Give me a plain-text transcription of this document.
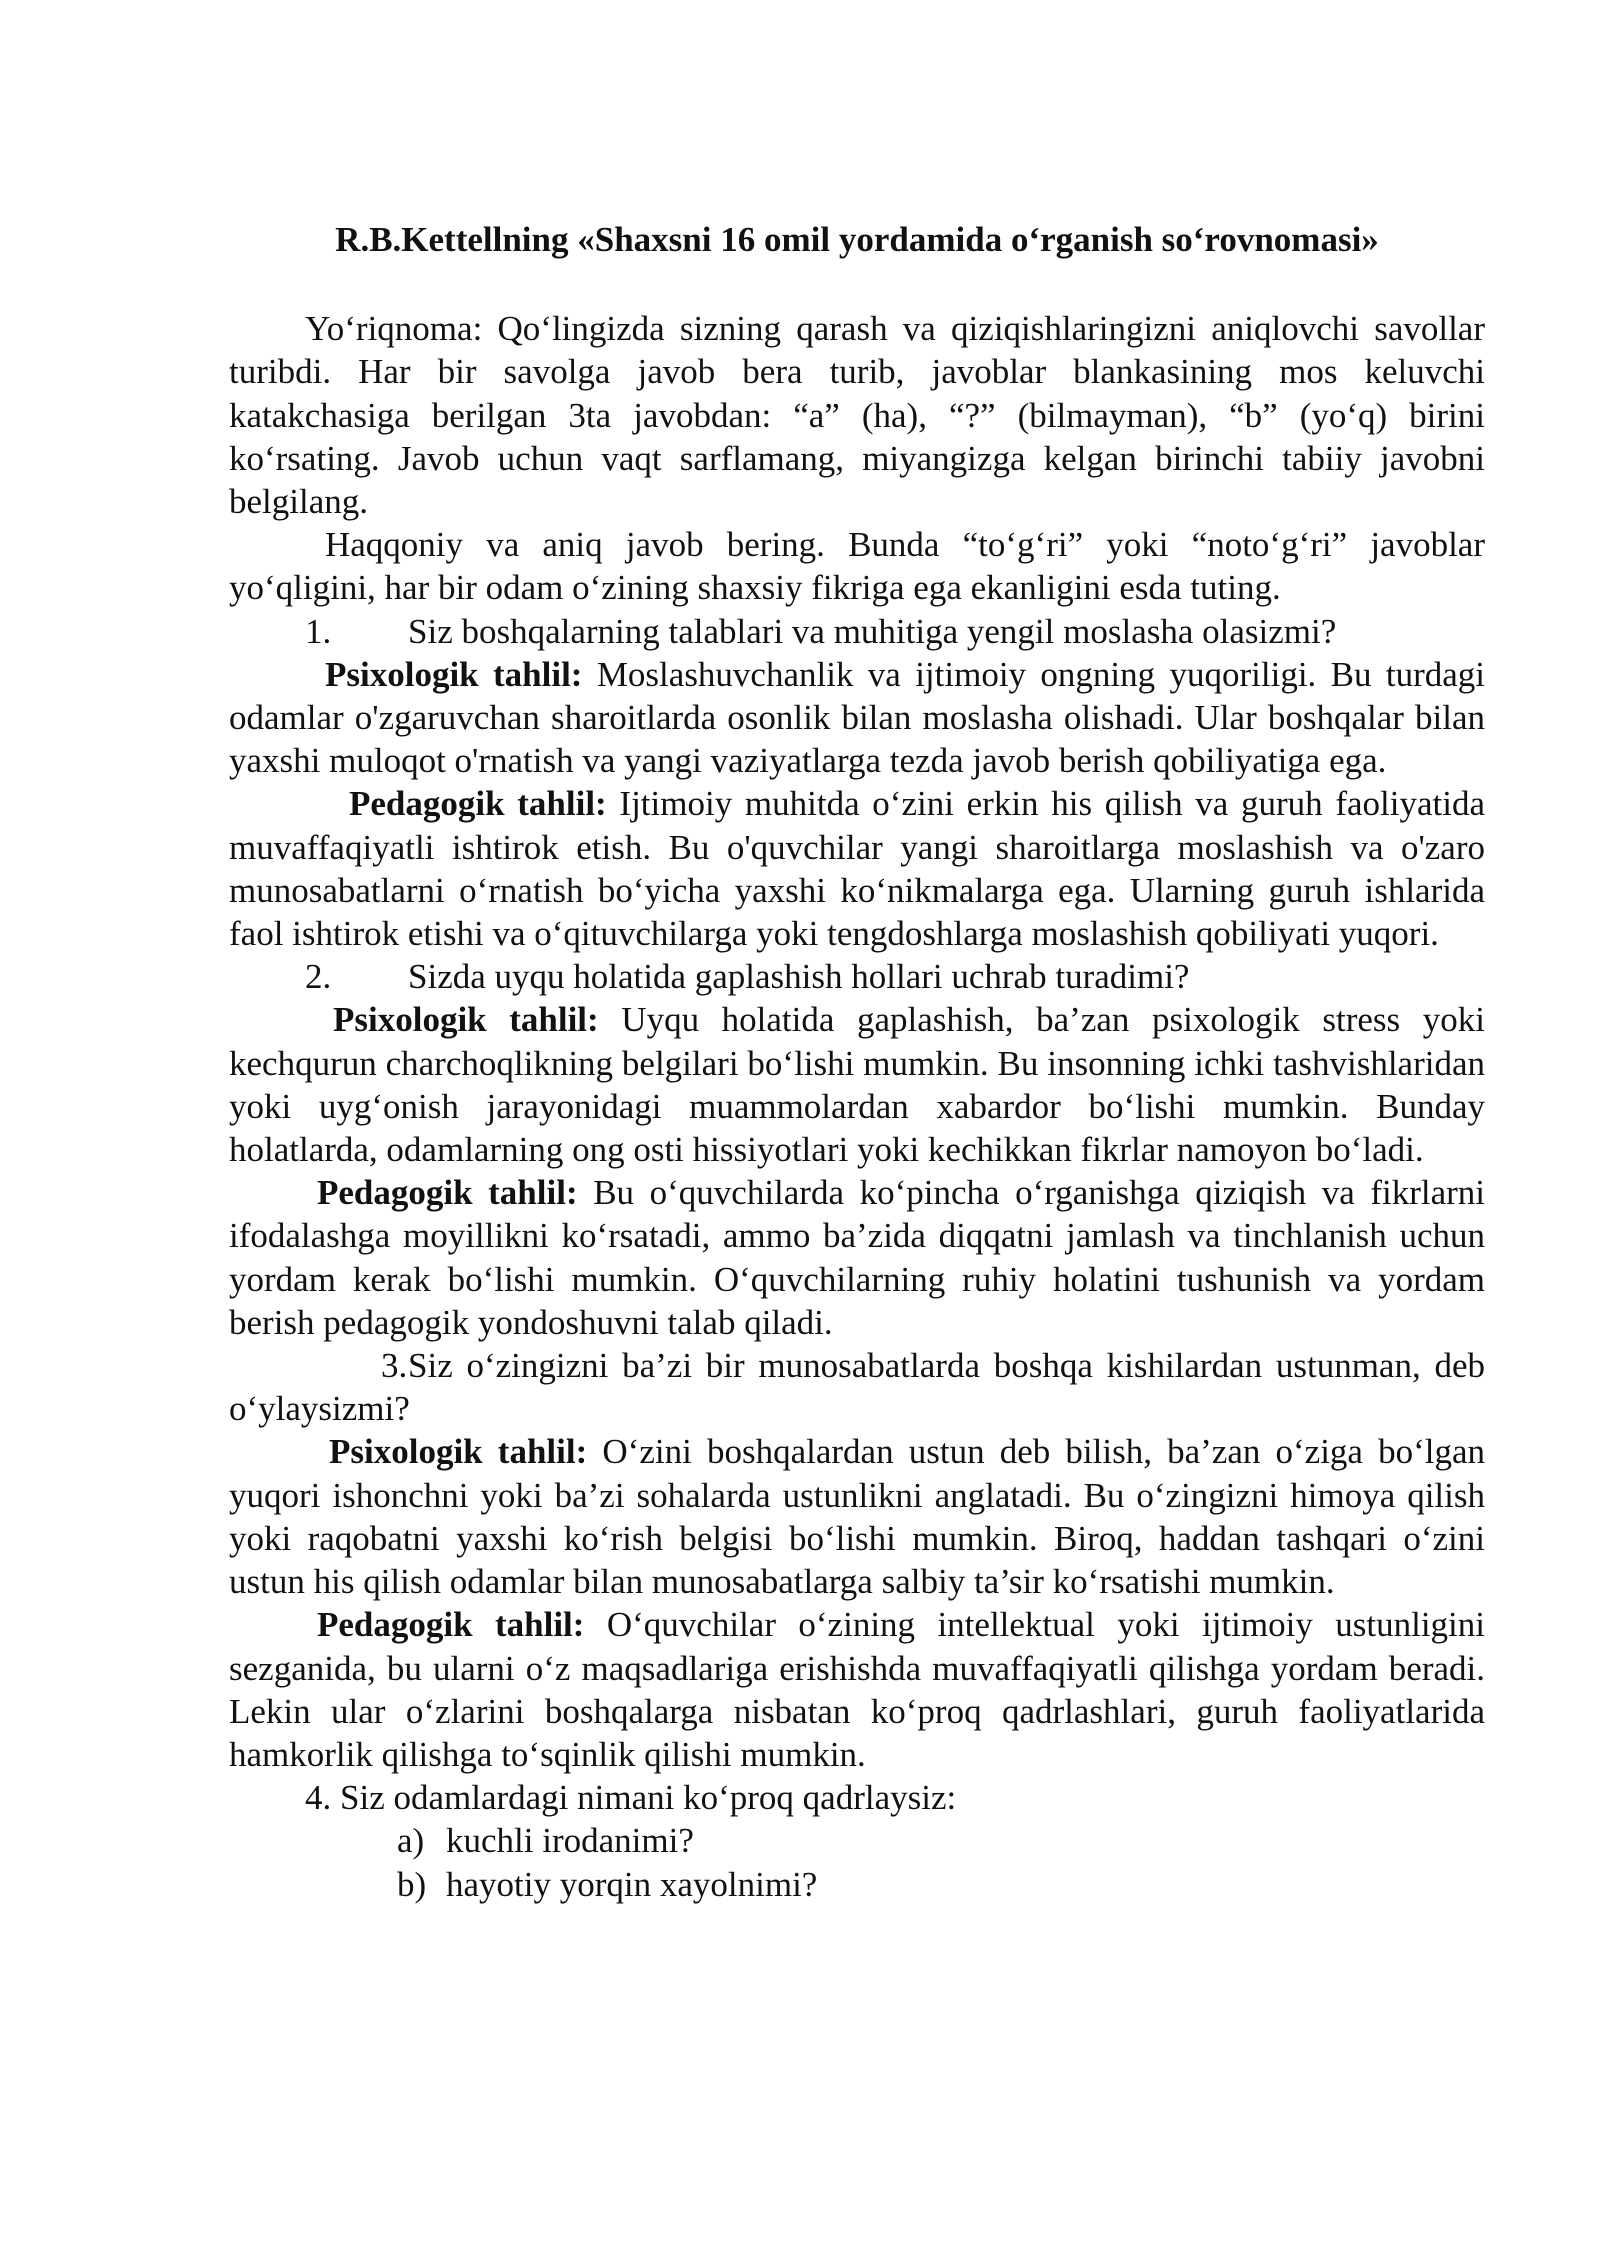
R.B.Kettellning «Shaxsni 16 omil yordamida o‘rganish so‘rovnomasi»

Yo‘riqnoma: Qo‘lingizda sizning qarash va qiziqishlaringizni aniqlovchi savollar turibdi. Har bir savolga javob bera turib, javoblar blankasining mos keluvchi katakchasiga berilgan 3ta javobdan: “a” (ha), “?” (bilmayman), “b” (yo‘q) birini ko‘rsating. Javob uchun vaqt sarflamang, miyangizga kelgan birinchi tabiiy javobni belgilang.

Haqqoniy va aniq javob bering. Bunda “to‘g‘ri” yoki “noto‘g‘ri” javoblar yo‘qligini, har bir odam o‘zining shaxsiy fikriga ega ekanligini esda tuting.

1. Siz boshqalarning talablari va muhitiga yengil moslasha olasizmi?

Psixologik tahlil: Moslashuvchanlik va ijtimoiy ongning yuqoriligi. Bu turdagi odamlar o'zgaruvchan sharoitlarda osonlik bilan moslasha olishadi. Ular boshqalar bilan yaxshi muloqot o'rnatish va yangi vaziyatlarga tezda javob berish qobiliyatiga ega.

Pedagogik tahlil: Ijtimoiy muhitda o‘zini erkin his qilish va guruh faoliyatida muvaffaqiyatli ishtirok etish. Bu o'quvchilar yangi sharoitlarga moslashish va o'zaro munosabatlarni o‘rnatish bo‘yicha yaxshi ko‘nikmalarga ega. Ularning guruh ishlarida faol ishtirok etishi va o‘qituvchilarga yoki tengdoshlarga moslashish qobiliyati yuqori.

2. Sizda uyqu holatida gaplashish hollari uchrab turadimi?

Psixologik tahlil: Uyqu holatida gaplashish, ba’zan psixologik stress yoki kechqurun charchoqlikning belgilari bo‘lishi mumkin. Bu insonning ichki tashvishlaridan yoki uyg‘onish jarayonidagi muammolardan xabardor bo‘lishi mumkin. Bunday holatlarda, odamlarning ong osti hissiyotlari yoki kechikkan fikrlar namoyon bo‘ladi.

Pedagogik tahlil: Bu o‘quvchilarda ko‘pincha o‘rganishga qiziqish va fikrlarni ifodalashga moyillikni ko‘rsatadi, ammo ba’zida diqqatni jamlash va tinchlanish uchun yordam kerak bo‘lishi mumkin. O‘quvchilarning ruhiy holatini tushunish va yordam berish pedagogik yondoshuvni talab qiladi.

3.Siz o‘zingizni ba’zi bir munosabatlarda boshqa kishilardan ustunman, deb o‘ylaysizmi?

Psixologik tahlil: O‘zini boshqalardan ustun deb bilish, ba’zan o‘ziga bo‘lgan yuqori ishonchni yoki ba’zi sohalarda ustunlikni anglatadi. Bu o‘zingizni himoya qilish yoki raqobatni yaxshi ko‘rish belgisi bo‘lishi mumkin. Biroq, haddan tashqari o‘zini ustun his qilish odamlar bilan munosabatlarga salbiy ta’sir ko‘rsatishi mumkin.

Pedagogik tahlil: O‘quvchilar o‘zining intellektual yoki ijtimoiy ustunligini sezganida, bu ularni o‘z maqsadlariga erishishda muvaffaqiyatli qilishga yordam beradi. Lekin ular o‘zlarini boshqalarga nisbatan ko‘proq qadrlashlari, guruh faoliyatlarida hamkorlik qilishga to‘sqinlik qilishi mumkin.

4. Siz odamlardagi nimani ko‘proq qadrlaysiz:

a) kuchli irodanimi?

b) hayotiy yorqin xayolnimi?
